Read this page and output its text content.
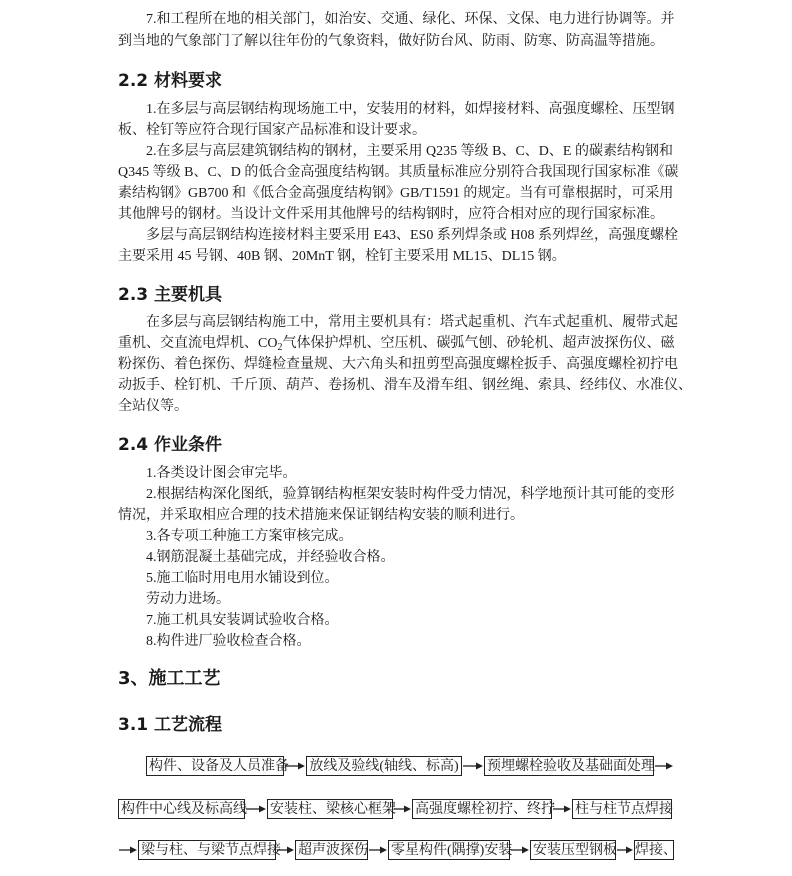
7.和工程所在地的相关部门，如治安、交通、绿化、环保、文保、电力进行协调等。并
到当地的气象部门了解以往年份的气象资料，做好防台风、防雨、防寒、防高温等措施。
2.2 材料要求
1.在多层与高层钢结构现场施工中，安装用的材料，如焊接材料、高强度螺栓、压型钢
板、栓钉等应符合现行国家产品标准和设计要求。
2.在多层与高层建筑钢结构的钢材，主要采用 Q235 等级 B、C、D、E 的碳素结构钢和
Q345 等级 B、C、D 的低合金高强度结构钢。其质量标准应分别符合我国现行国家标准《碳
素结构钢》GB700 和《低合金高强度结构钢》GB/T1591 的规定。当有可靠根据时，可采用
其他牌号的钢材。当设计文件采用其他牌号的结构钢时，应符合相对应的现行国家标准。
多层与高层钢结构连接材料主要采用 E43、ES0 系列焊条或 H08 系列焊丝，高强度螺栓
主要采用 45 号钢、40B 钢、20MnT 钢，栓钉主要采用 ML15、DL15 钢。
2.3 主要机具
在多层与高层钢结构施工中，常用主要机具有：塔式起重机、汽车式起重机、履带式起
重机、交直流电焊机、$CO_2$ 气体保护焊机、空压机、碳弧气刨、砂轮机、超声波探伤仪、磁
粉探伤、着色探伤、焊缝检查量规、大六角头和扭剪型高强度螺栓扳手、高强度螺栓初拧电
动扳手、栓钉机、千斤顶、葫芦、卷扬机、滑车及滑车组、钢丝绳、索具、经纬仪、水准仪、
全站仪等。
2.4 作业条件
1.各类设计图会审完毕。
2.根据结构深化图纸，验算钢结构框架安装时构件受力情况，科学地预计其可能的变形
情况，并采取相应合理的技术措施来保证钢结构安装的顺利进行。
3.各专项工种施工方案审核完成。
4.钢筋混凝土基础完成，并经验收合格。
5.施工临时用电用水铺设到位。
劳动力进场。
7.施工机具安装调试验收合格。
8.构件进厂验收检查合格。
3、施工工艺
3.1 工艺流程
构件、设备及人员准备 放线及验线(轴线、标高) 预埋螺栓验收及基础面处理
构件中心线及标高线 安装柱、梁核心框架 高强度螺栓初拧、终拧 柱与柱节点焊接
梁与柱、与梁节点焊接 超声波探伤 零星构件(隅撑)安装 安装压型钢板 焊接、
